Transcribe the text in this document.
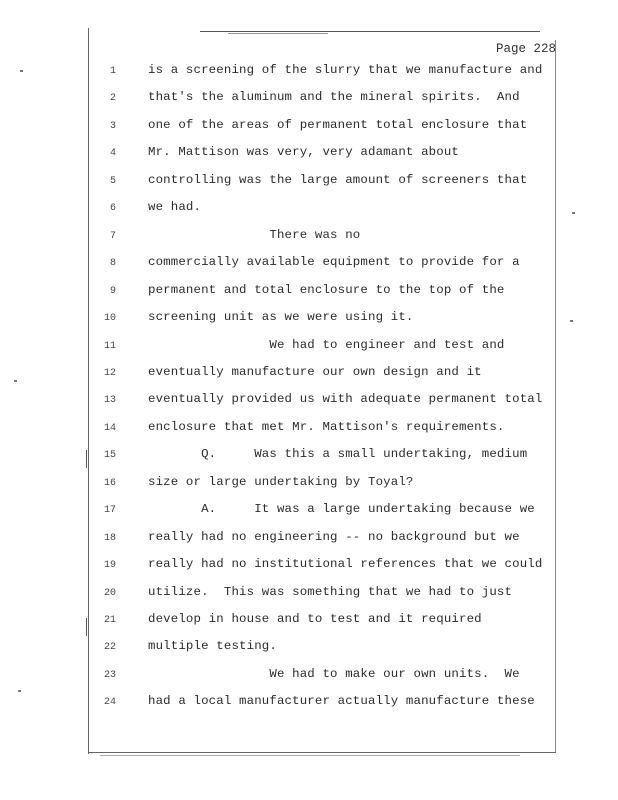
Page 228
1	is a screening of the slurry that we manufacture and
2	that's the aluminum and the mineral spirits.  And
3	one of the areas of permanent total enclosure that
4	Mr. Mattison was very, very adamant about
5	controlling was the large amount of screeners that
6	we had.
7	There was no
8	commercially available equipment to provide for a
9	permanent and total enclosure to the top of the
10	screening unit as we were using it.
11	We had to engineer and test and
12	eventually manufacture our own design and it
13	eventually provided us with adequate permanent total
14	enclosure that met Mr. Mattison's requirements.
15	Q.     Was this a small undertaking, medium
16	size or large undertaking by Toyal?
17	A.     It was a large undertaking because we
18	really had no engineering -- no background but we
19	really had no institutional references that we could
20	utilize.  This was something that we had to just
21	develop in house and to test and it required
22	multiple testing.
23	We had to make our own units.  We
24	had a local manufacturer actually manufacture these
